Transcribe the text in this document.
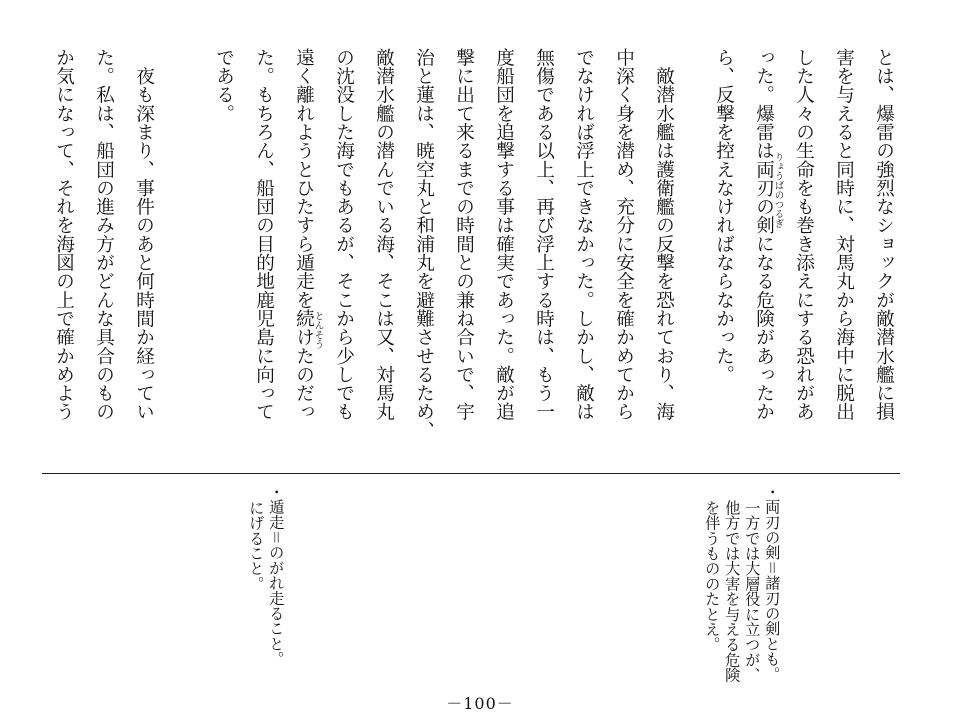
とは、爆雷の強烈なショックが敵潜水艦に損
害を与えると同時に、対馬丸から海中に脱出
した人々の生命をも巻き添えにする恐れがあ
った。爆雷は両刃の剣になる危険があったか
ら、反撃を控えなければならなかった。
　敵潜水艦は護衛艦の反撃を恐れており、海
中深く身を潜め、充分に安全を確かめてから
でなければ浮上できなかった。しかし、敵は
無傷である以上、再び浮上する時は、もう一
度船団を追撃する事は確実であった。敵が追
撃に出て来るまでの時間との兼ね合いで、宇
治と蓮は、暁空丸と和浦丸を避難させるため、
敵潜水艦の潜んでいる海、そこは又、対馬丸
の沈没した海でもあるが、そこから少しでも
遠く離れようとひたすら遁走を続けたのだっ
た。もちろん、船団の目的地鹿児島に向って
である。
　夜も深まり、事件のあと何時間か経ってい
た。私は、船団の進み方がどんな具合のもの
か気になって、それを海図の上で確かめよう	りょうばのつるぎ
とんそう
・両刃の剣＝諸刃の剣とも。
一方では大層役に立つが、
他方では大害を与える危険
を伴うもののたとえ。
・遁走＝のがれ走ること。
にげること。
－100－
